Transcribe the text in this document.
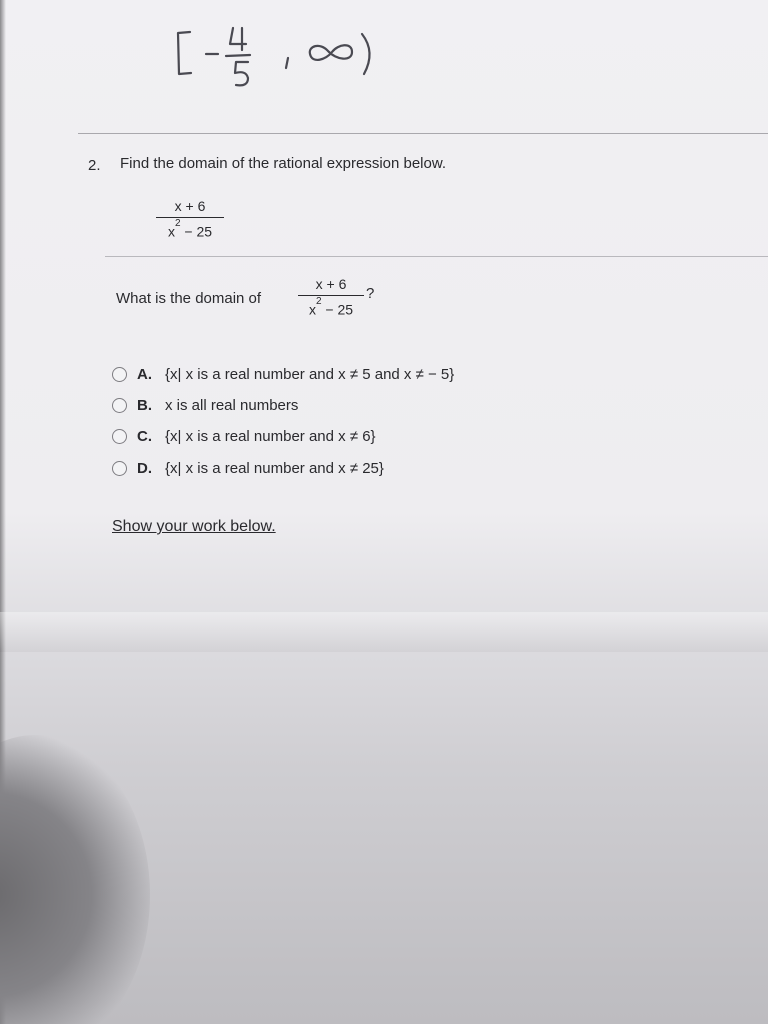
2. Find the domain of the rational expression below.
x + 6
$x^2 - 25$
What is the domain of
x + 6
$x^2 - 25$
?
A. {x| x is a real number and x ≠ 5 and x ≠ − 5}
B. x is all real numbers
C. {x| x is a real number and x ≠ 6}
D. {x| x is a real number and x ≠ 25}
Show your work below.
